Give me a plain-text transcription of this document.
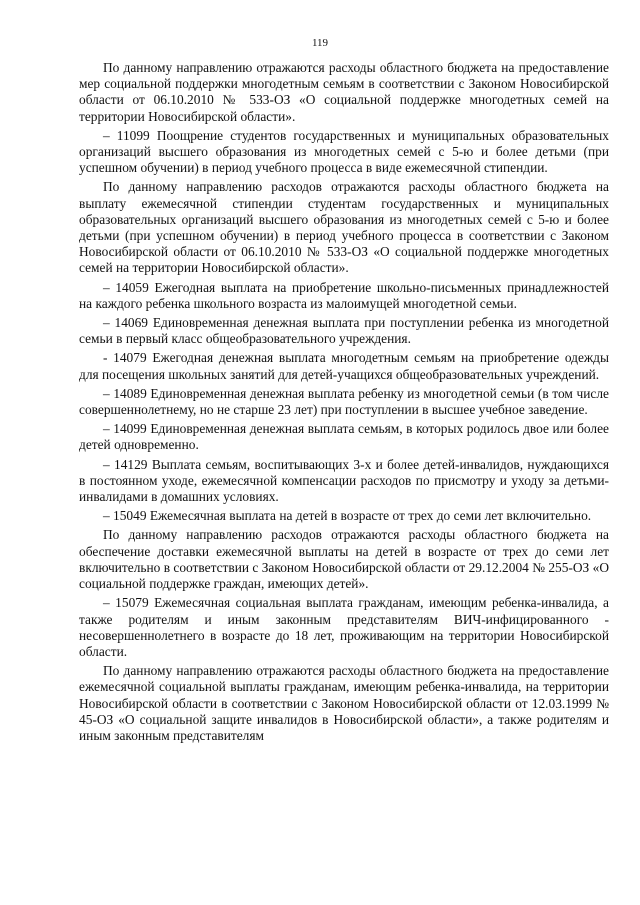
119

По данному направлению отражаются расходы областного бюджета на предоставление мер социальной поддержки многодетным семьям в соответствии с Законом Новосибирской области от 06.10.2010 № 533-ОЗ «О социальной поддержке многодетных семей на территории Новосибирской области».

– 11099 Поощрение студентов государственных и муниципальных образовательных организаций высшего образования из многодетных семей с 5-ю и более детьми (при успешном обучении) в период учебного процесса в виде ежемесячной стипендии.

По данному направлению расходов отражаются расходы областного бюджета на выплату ежемесячной стипендии студентам государственных и муниципальных образовательных организаций высшего образования из многодетных семей с 5-ю и более детьми (при успешном обучении) в период учебного процесса в соответствии с Законом Новосибирской области от 06.10.2010 № 533-ОЗ «О социальной поддержке многодетных семей на территории Новосибирской области».

– 14059 Ежегодная выплата на приобретение школьно-письменных принадлежностей на каждого ребенка школьного возраста из малоимущей многодетной семьи.

– 14069 Единовременная денежная выплата при поступлении ребенка из многодетной семьи в первый класс общеобразовательного учреждения.

- 14079 Ежегодная денежная выплата многодетным семьям на приобретение одежды для посещения школьных занятий для детей-учащихся общеобразовательных учреждений.

– 14089 Единовременная денежная выплата ребенку из многодетной семьи (в том числе совершеннолетнему, но не старше 23 лет) при поступлении в высшее учебное заведение.

– 14099 Единовременная денежная выплата семьям, в которых родилось двое или более детей одновременно.

– 14129 Выплата семьям, воспитывающих 3-х и более детей-инвалидов, нуждающихся в постоянном уходе, ежемесячной компенсации расходов по присмотру и уходу за детьми-инвалидами в домашних условиях.

– 15049 Ежемесячная выплата на детей в возрасте от трех до семи лет включительно.

По данному направлению расходов отражаются расходы областного бюджета на обеспечение доставки ежемесячной выплаты на детей в возрасте от трех до семи лет включительно в соответствии с Законом Новосибирской области от 29.12.2004 № 255-ОЗ «О социальной поддержке граждан, имеющих детей».

– 15079 Ежемесячная социальная выплата гражданам, имеющим ребенка-инвалида, а также родителям и иным законным представителям ВИЧ-инфицированного - несовершеннолетнего в возрасте до 18 лет, проживающим на территории Новосибирской области.

По данному направлению отражаются расходы областного бюджета на предоставление ежемесячной социальной выплаты гражданам, имеющим ребенка-инвалида, на территории Новосибирской области в соответствии с Законом Новосибирской области от 12.03.1999 № 45-ОЗ «О социальной защите инвалидов в Новосибирской области», а также родителям и иным законным представителям
